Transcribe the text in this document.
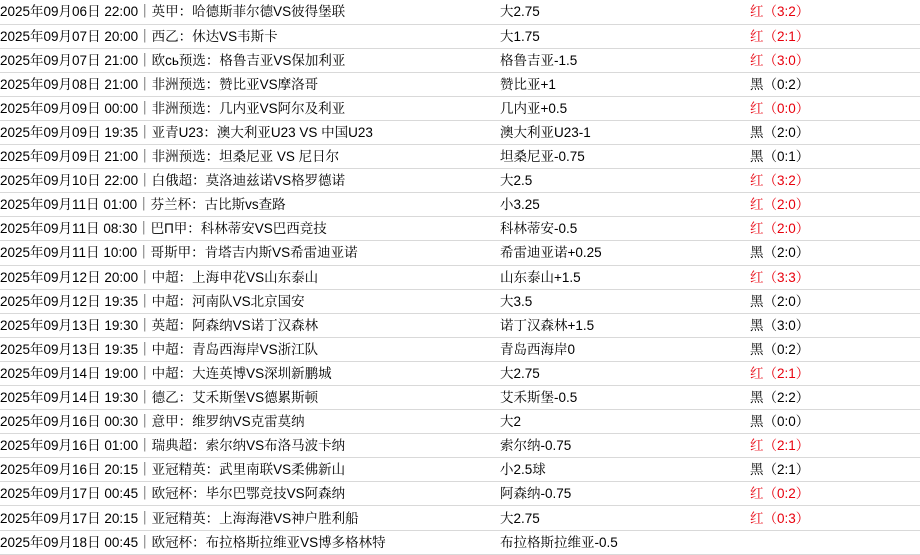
2025年09月06日 22:00｜英甲：哈德斯菲尔德VS彼得堡联	大2.75	红（3:2）
2025年09月07日 20:00｜西乙：休达VS韦斯卡	大1.75	红（2:1）
2025年09月07日 21:00｜欧сь预选：格鲁吉亚VS保加利亚	格鲁吉亚-1.5	红（3:0）
2025年09月08日 21:00｜非洲预选：赞比亚VS摩洛哥	赞比亚+1	黑（0:2）
2025年09月09日 00:00｜非洲预选：几内亚VS阿尔及利亚	几内亚+0.5	红（0:0）
2025年09月09日 19:35｜亚青U23：澳大利亚U23 VS 中国U23	澳大利亚U23-1	黑（2:0）
2025年09月09日 21:00｜非洲预选：坦桑尼亚 VS 尼日尔	坦桑尼亚-0.75	黑（0:1）
2025年09月10日 22:00｜白俄超：莫洛迪兹诺VS格罗德诺	大2.5	红（3:2）
2025年09月11日 01:00｜芬兰杯：古比斯vs查路	小3.25	红（2:0）
2025年09月11日 08:30｜巴П甲：科林蒂安VS巴西竞技	科林蒂安-0.5	红（2:0）
2025年09月11日 10:00｜哥斯甲：肯塔吉内斯VS希雷迪亚诺	希雷迪亚诺+0.25	黑（2:0）
2025年09月12日 20:00｜中超：上海申花VS山东泰山	山东泰山+1.5	红（3:3）
2025年09月12日 19:35｜中超：河南队VS北京国安	大3.5	黑（2:0）
2025年09月13日 19:30｜英超：阿森纳VS诺丁汉森林	诺丁汉森林+1.5	黑（3:0）
2025年09月13日 19:35｜中超：青岛西海岸VS浙江队	青岛西海岸0	黑（0:2）
2025年09月14日 19:00｜中超：大连英博VS深圳新鹏城	大2.75	红（2:1）
2025年09月14日 19:30｜德乙：艾禾斯堡VS德累斯顿	艾禾斯堡-0.5	黑（2:2）
2025年09月16日 00:30｜意甲：维罗纳VS克雷莫纳	大2	黑（0:0）
2025年09月16日 01:00｜瑞典超：索尔纳VS布洛马波卡纳	索尔纳-0.75	红（2:1）
2025年09月16日 20:15｜亚冠精英：武里南联VS柔佛新山	小2.5球	黑（2:1）
2025年09月17日 00:45｜欧冠杯：毕尔巴鄂竞技VS阿森纳	阿森纳-0.75	红（0:2）
2025年09月17日 20:15｜亚冠精英：上海海港VS神户胜利船	大2.75	红（0:3）
2025年09月18日 00:45｜欧冠杯：布拉格斯拉维亚VS博多格林特	布拉格斯拉维亚-0.5	
